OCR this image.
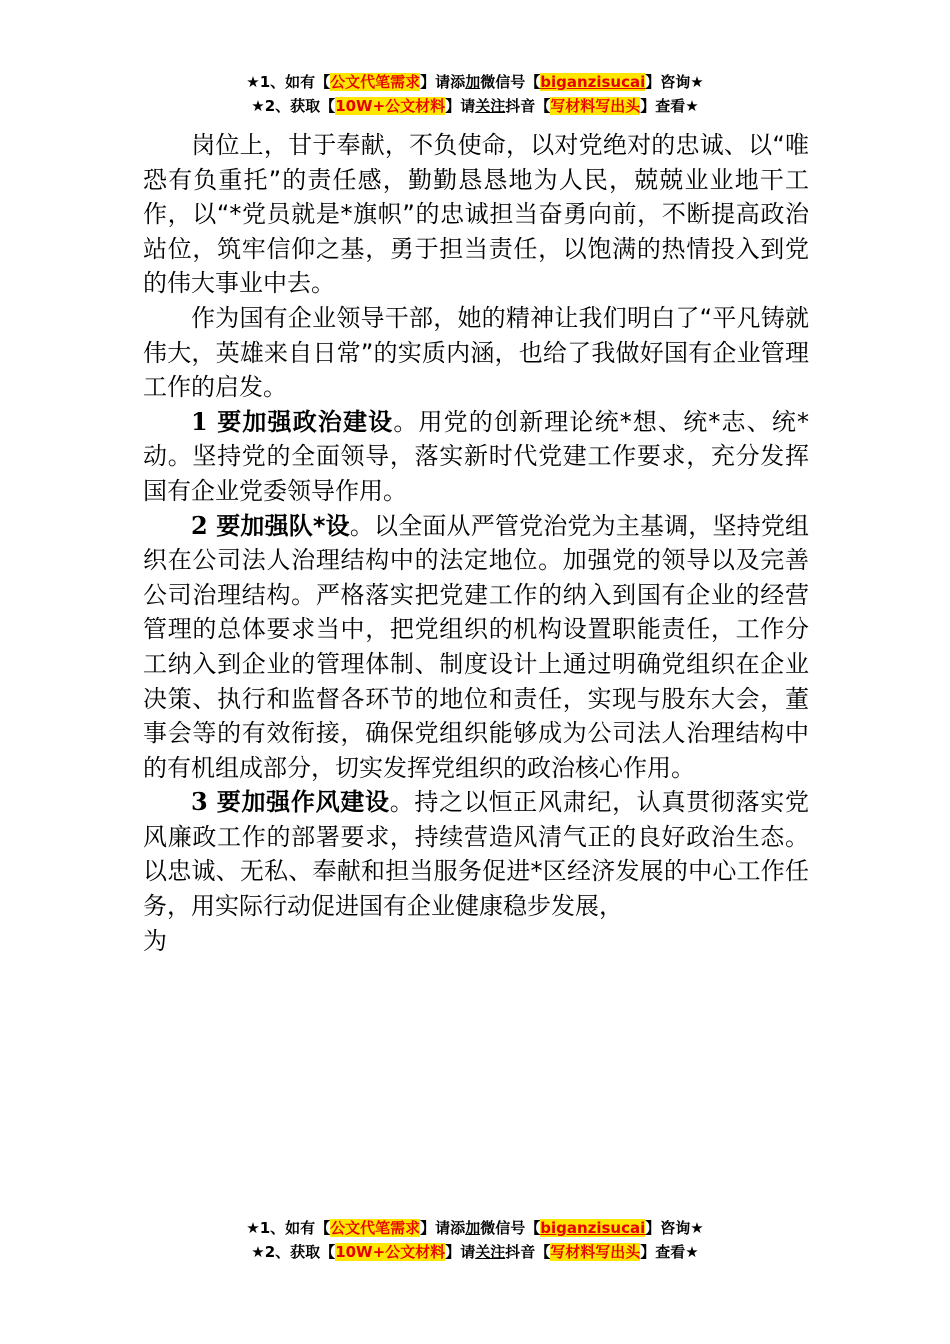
★1、如有【公文代笔需求】请添加微信号【biganzisucai】咨询★
★2、获取【10W+公文材料】请关注抖音【写材料写出头】查看★

岗位上，甘于奉献，不负使命，以对党绝对的忠诚、以“唯恐有负重托”的责任感，勤勤恳恳地为人民，兢兢业业地干工作，以“*党员就是*旗帜”的忠诚担当奋勇向前，不断提高政治站位，筑牢信仰之基，勇于担当责任，以饱满的热情投入到党的伟大事业中去。

作为国有企业领导干部，她的精神让我们明白了“平凡铸就伟大，英雄来自日常”的实质内涵，也给了我做好国有企业管理工作的启发。

1 要加强政治建设。用党的创新理论统*想、统*志、统*动。坚持党的全面领导，落实新时代党建工作要求，充分发挥国有企业党委领导作用。

2 要加强队*设。以全面从严管党治党为主基调，坚持党组织在公司法人治理结构中的法定地位。加强党的领导以及完善公司治理结构。严格落实把党建工作的纳入到国有企业的经营管理的总体要求当中，把党组织的机构设置职能责任，工作分工纳入到企业的管理体制、制度设计上通过明确党组织在企业决策、执行和监督各环节的地位和责任，实现与股东大会，董事会等的有效衔接，确保党组织能够成为公司法人治理结构中的有机组成部分，切实发挥党组织的政治核心作用。

3 要加强作风建设。持之以恒正风肃纪，认真贯彻落实党风廉政工作的部署要求，持续营造风清气正的良好政治生态。以忠诚、无私、奉献和担当服务促进*区经济发展的中心工作任务，用实际行动促进国有企业健康稳步发展，

为

★1、如有【公文代笔需求】请添加微信号【biganzisucai】咨询★
★2、获取【10W+公文材料】请关注抖音【写材料写出头】查看★
